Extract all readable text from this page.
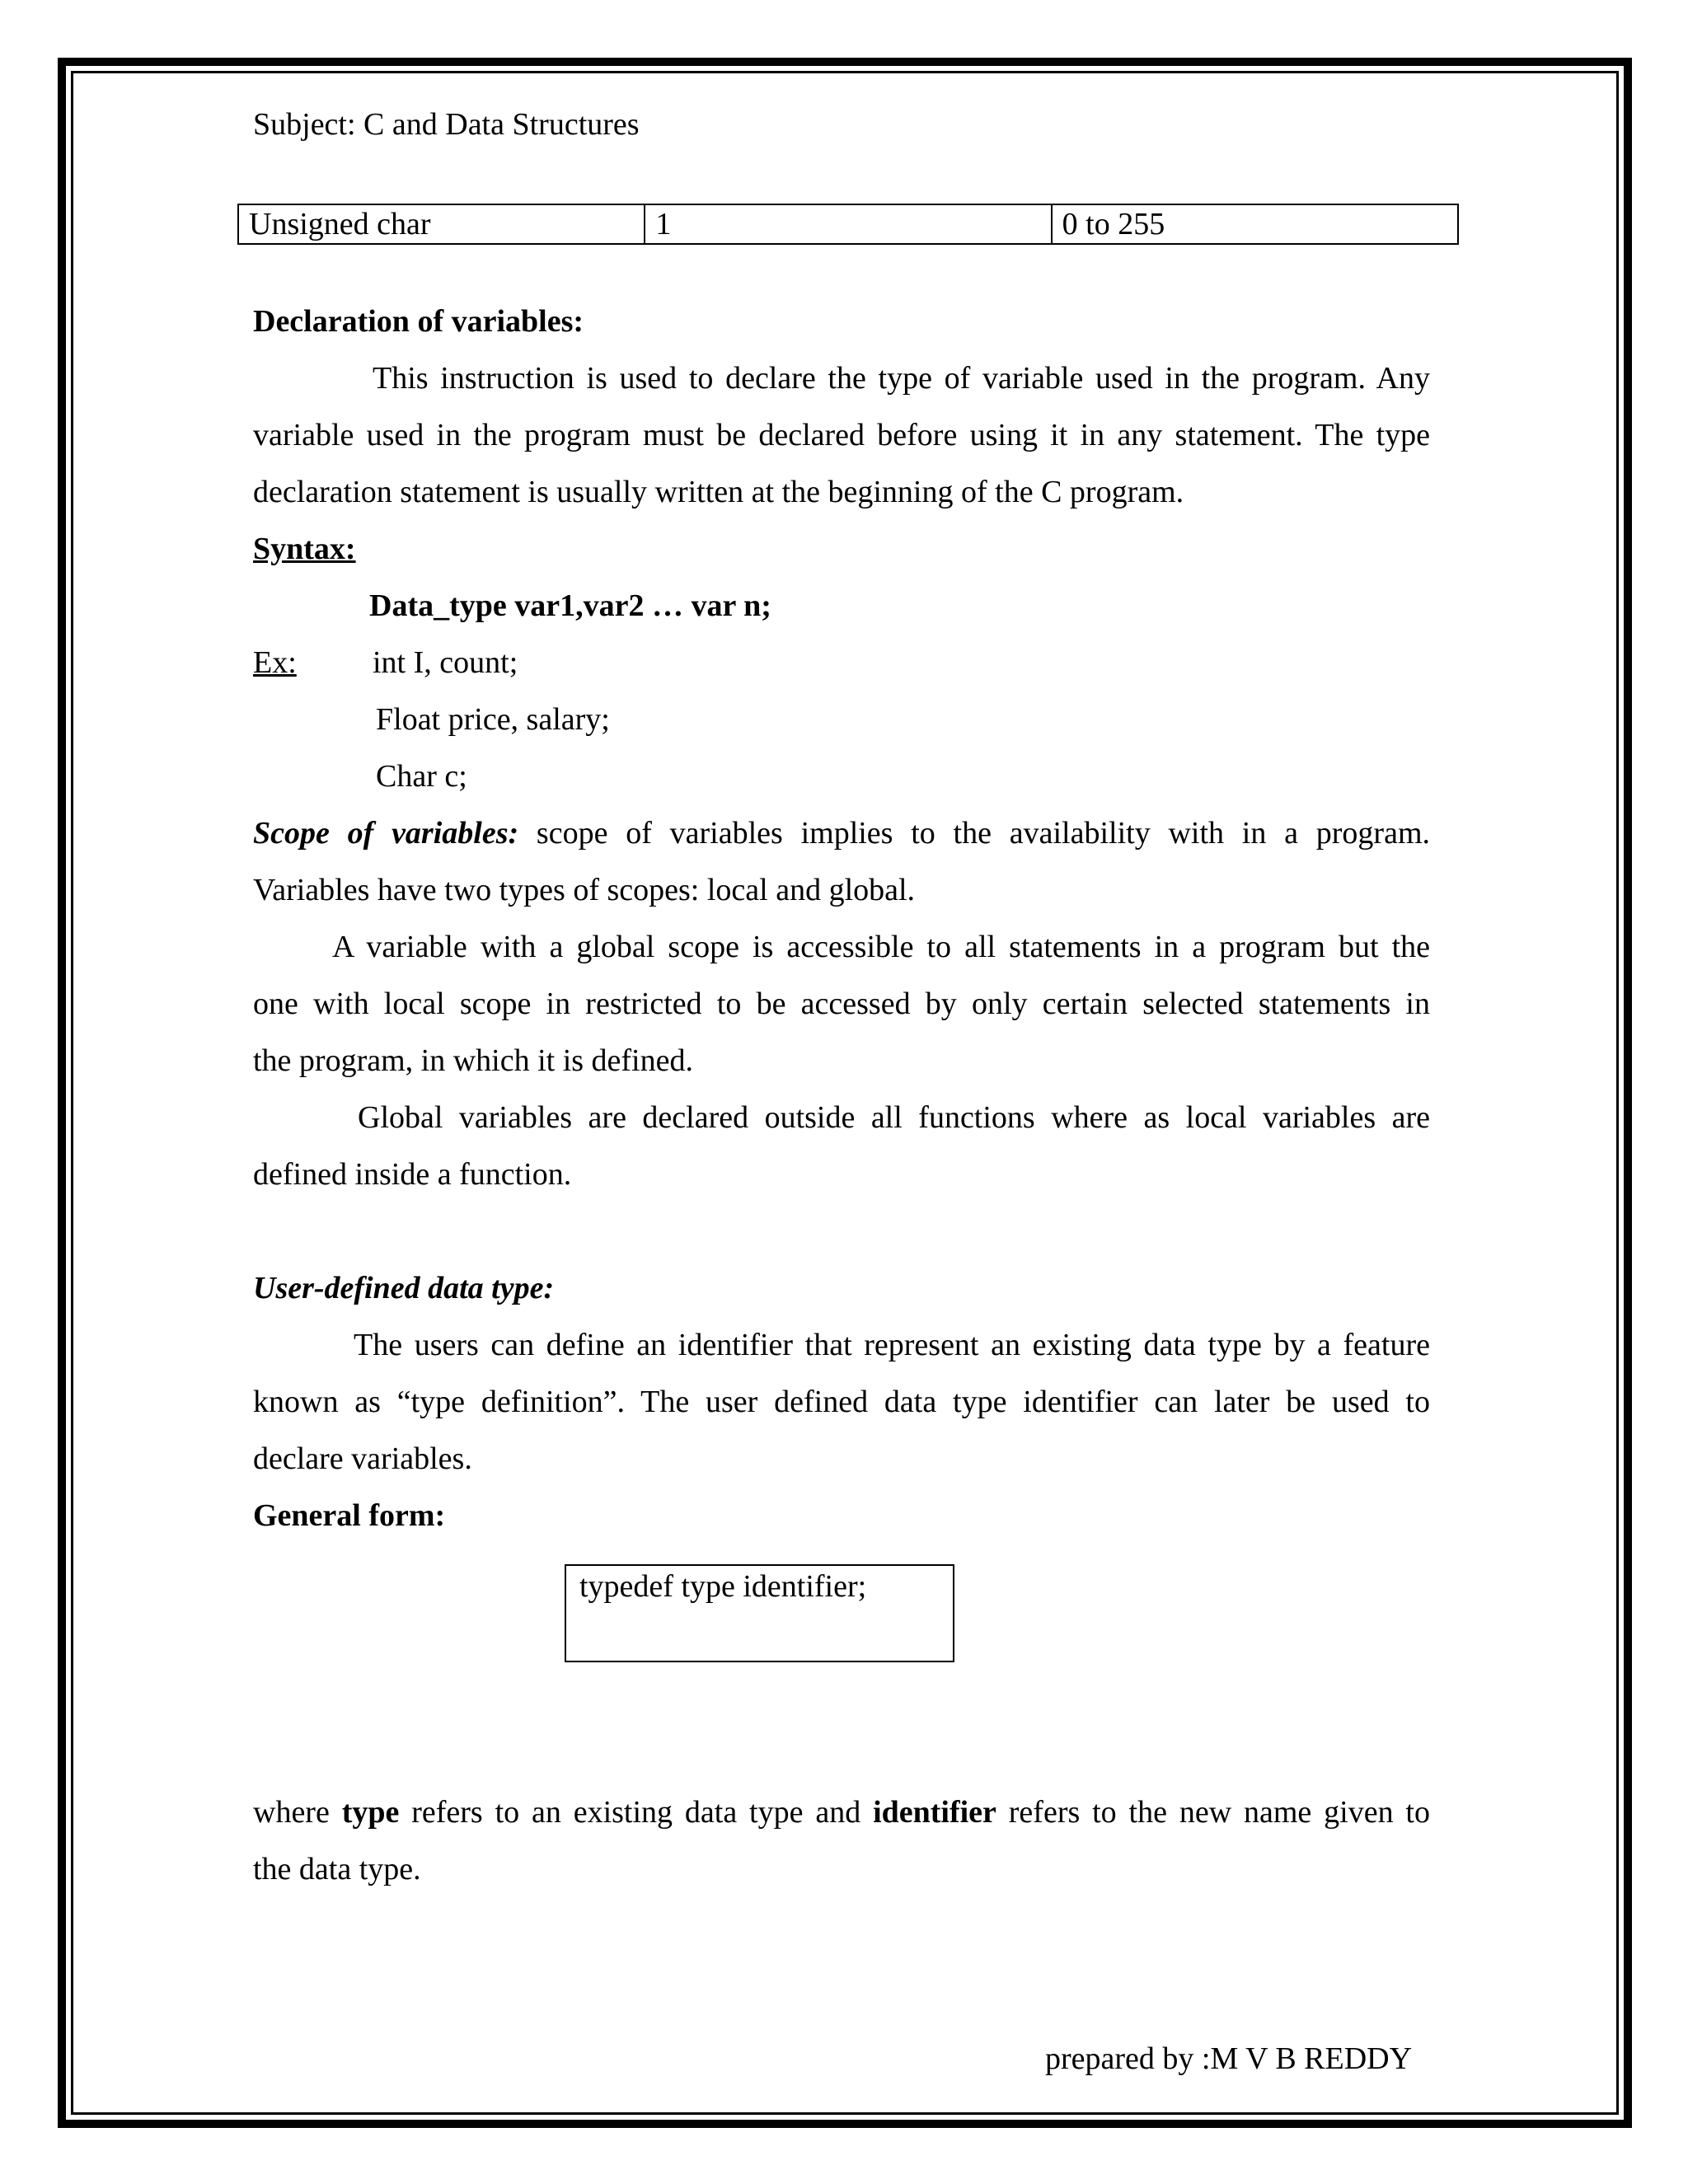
Subject: C and Data Structures
Unsigned char	1	0 to 255
Declaration of variables:
This instruction is used to declare the type of variable used in the program. Any
variable used in the program must be declared before using it in any statement. The type
declaration statement is usually written at the beginning of the C program.
Syntax:
Data_type var1,var2 … var n;
Ex: int I, count;
Float price, salary;
Char c;
Scope of variables: scope of variables implies to the availability with in a program.
Variables have two types of scopes: local and global.
A variable with a global scope is accessible to all statements in a program but the
one with local scope in restricted to be accessed by only certain selected statements in
the program, in which it is defined.
Global variables are declared outside all functions where as local variables are
defined inside a function.
User-defined data type:
The users can define an identifier that represent an existing data type by a feature
known as “type definition”. The user defined data type identifier can later be used to
declare variables.
General form:
typedef type identifier;
where type refers to an existing data type and identifier refers to the new name given to
the data type.
prepared by :M V B REDDY
